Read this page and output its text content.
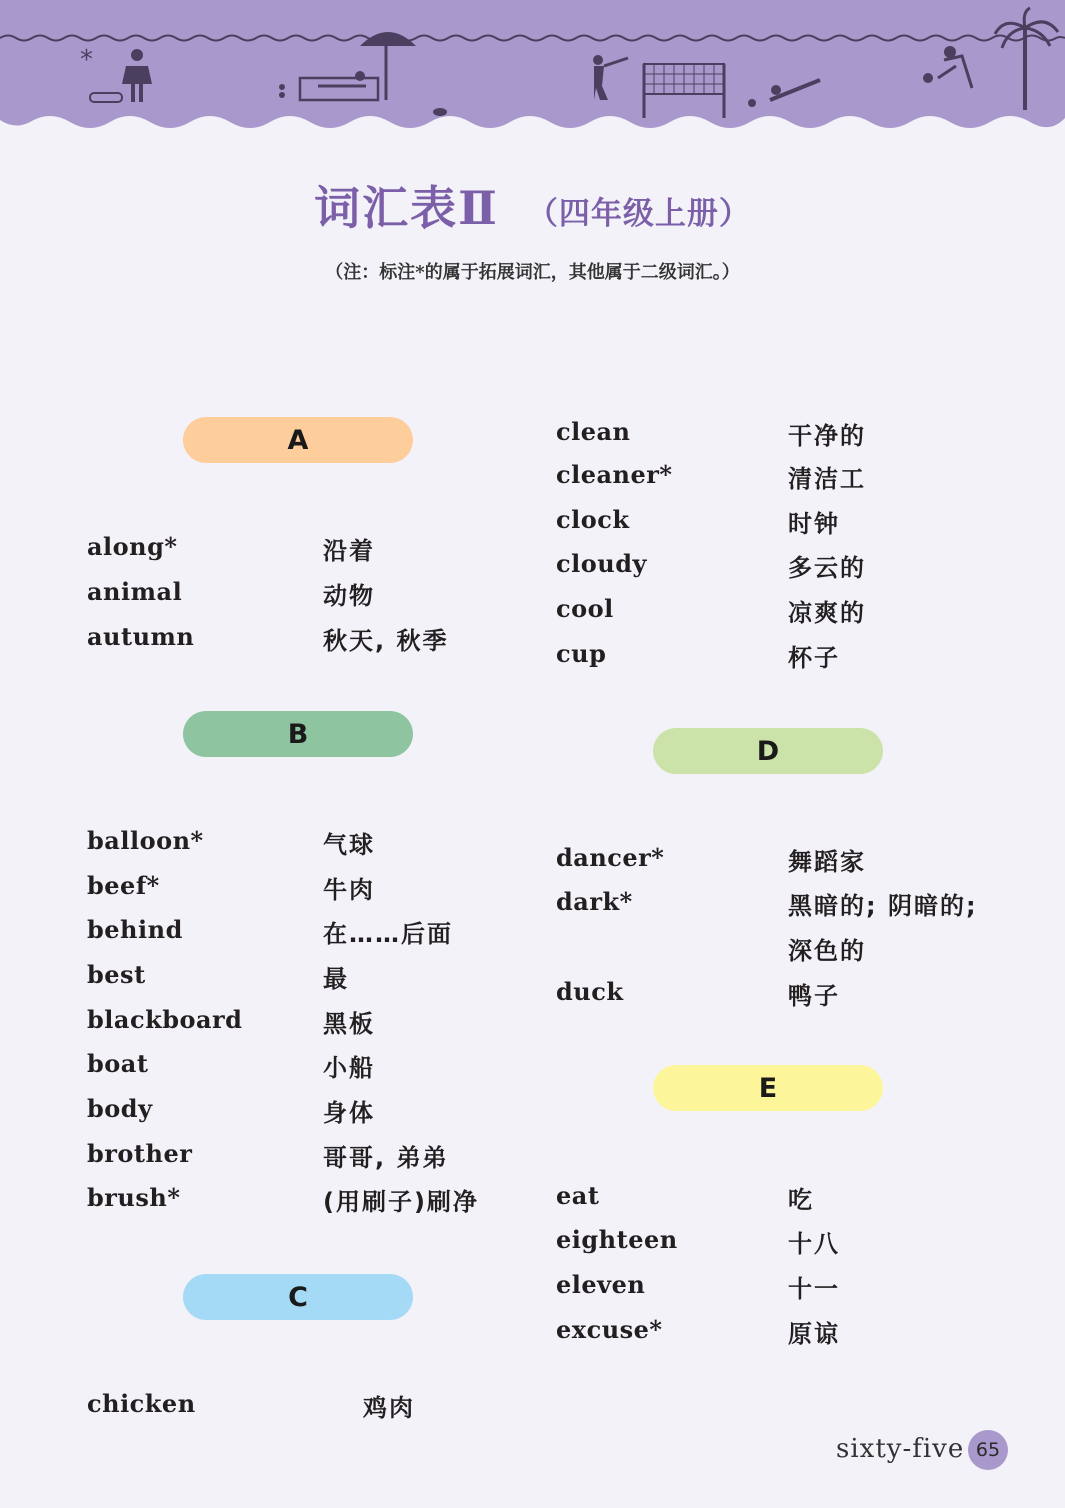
*
词汇表Ⅱ （四年级上册）
（注：标注*的属于拓展词汇，其他属于二级词汇。）
A
along*	沿着
animal	动物
autumn	秋天, 秋季
B
balloon*	气球
beef*	牛肉
behind	在……后面
best	最
blackboard	黑板
boat	小船
body	身体
brother	哥哥, 弟弟
brush*	(用刷子)刷净
C
chicken	鸡肉
clean	干净的
cleaner*	清洁工
clock	时钟
cloudy	多云的
cool	凉爽的
cup	杯子
D
dancer*	舞蹈家
dark*	黑暗的; 阴暗的;
深色的
duck	鸭子
E
eat	吃
eighteen	十八
eleven	十一
excuse*	原谅
sixty-five 65
